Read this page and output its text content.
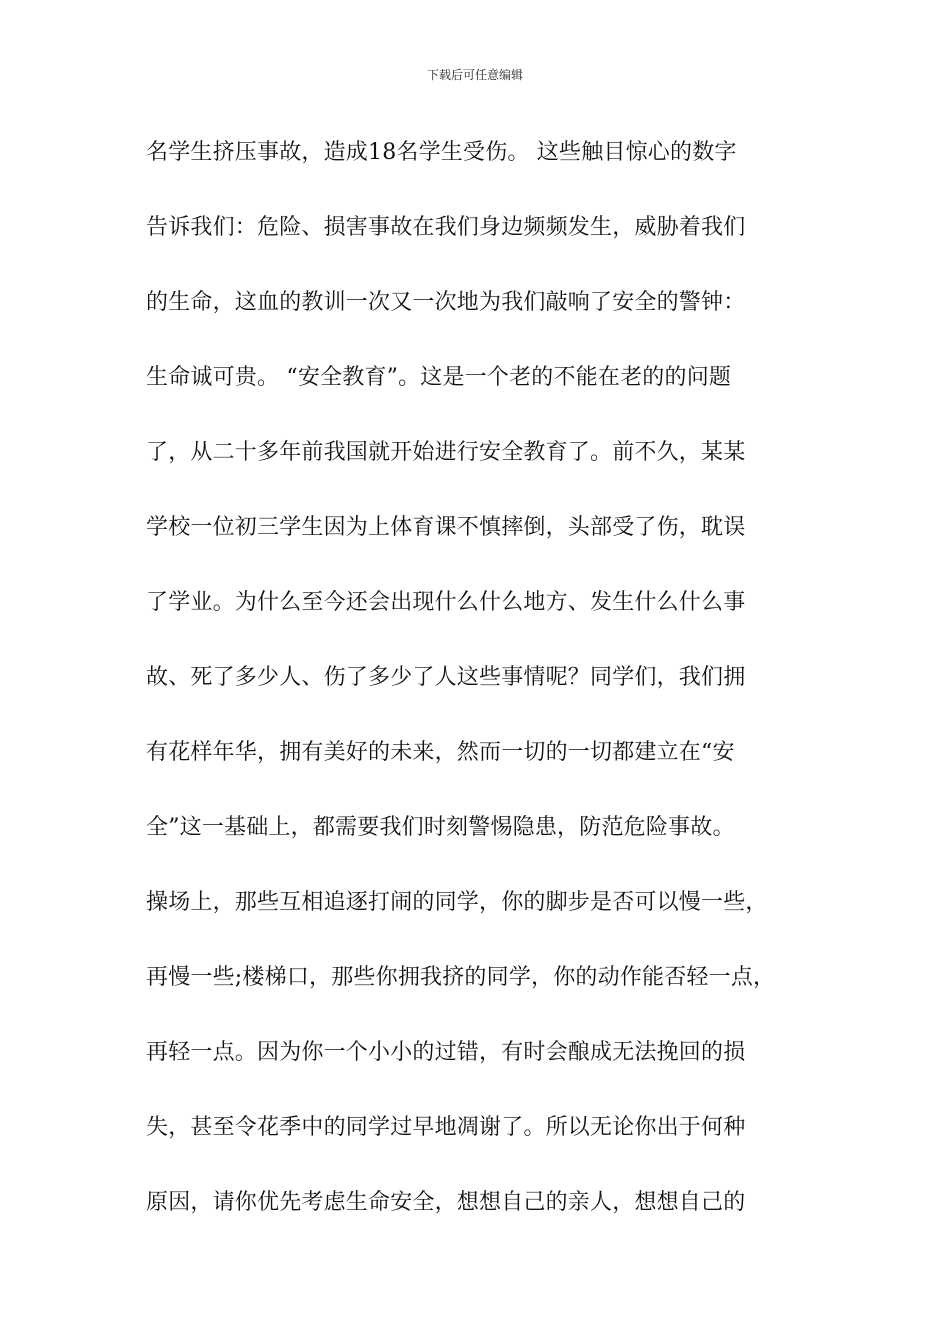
下载后可任意编辑
名学生挤压事故，造成18名学生受伤。 这些触目惊心的数字
告诉我们：危险、损害事故在我们身边频频发生，威胁着我们
的生命，这血的教训一次又一次地为我们敲响了安全的警钟：
生命诚可贵。 “安全教育”。这是一个老的不能在老的的问题
了，从二十多年前我国就开始进行安全教育了。前不久，某某
学校一位初三学生因为上体育课不慎摔倒，头部受了伤，耽误
了学业。为什么至今还会出现什么什么地方、发生什么什么事
故、死了多少人、伤了多少了人这些事情呢？同学们，我们拥
有花样年华，拥有美好的未来，然而一切的一切都建立在“安
全”这一基础上，都需要我们时刻警惕隐患，防范危险事故。
操场上，那些互相追逐打闹的同学，你的脚步是否可以慢一些，
再慢一些;楼梯口，那些你拥我挤的同学，你的动作能否轻一点，
再轻一点。因为你一个小小的过错，有时会酿成无法挽回的损
失，甚至令花季中的同学过早地凋谢了。所以无论你出于何种
原因，请你优先考虑生命安全，想想自己的亲人，想想自己的
